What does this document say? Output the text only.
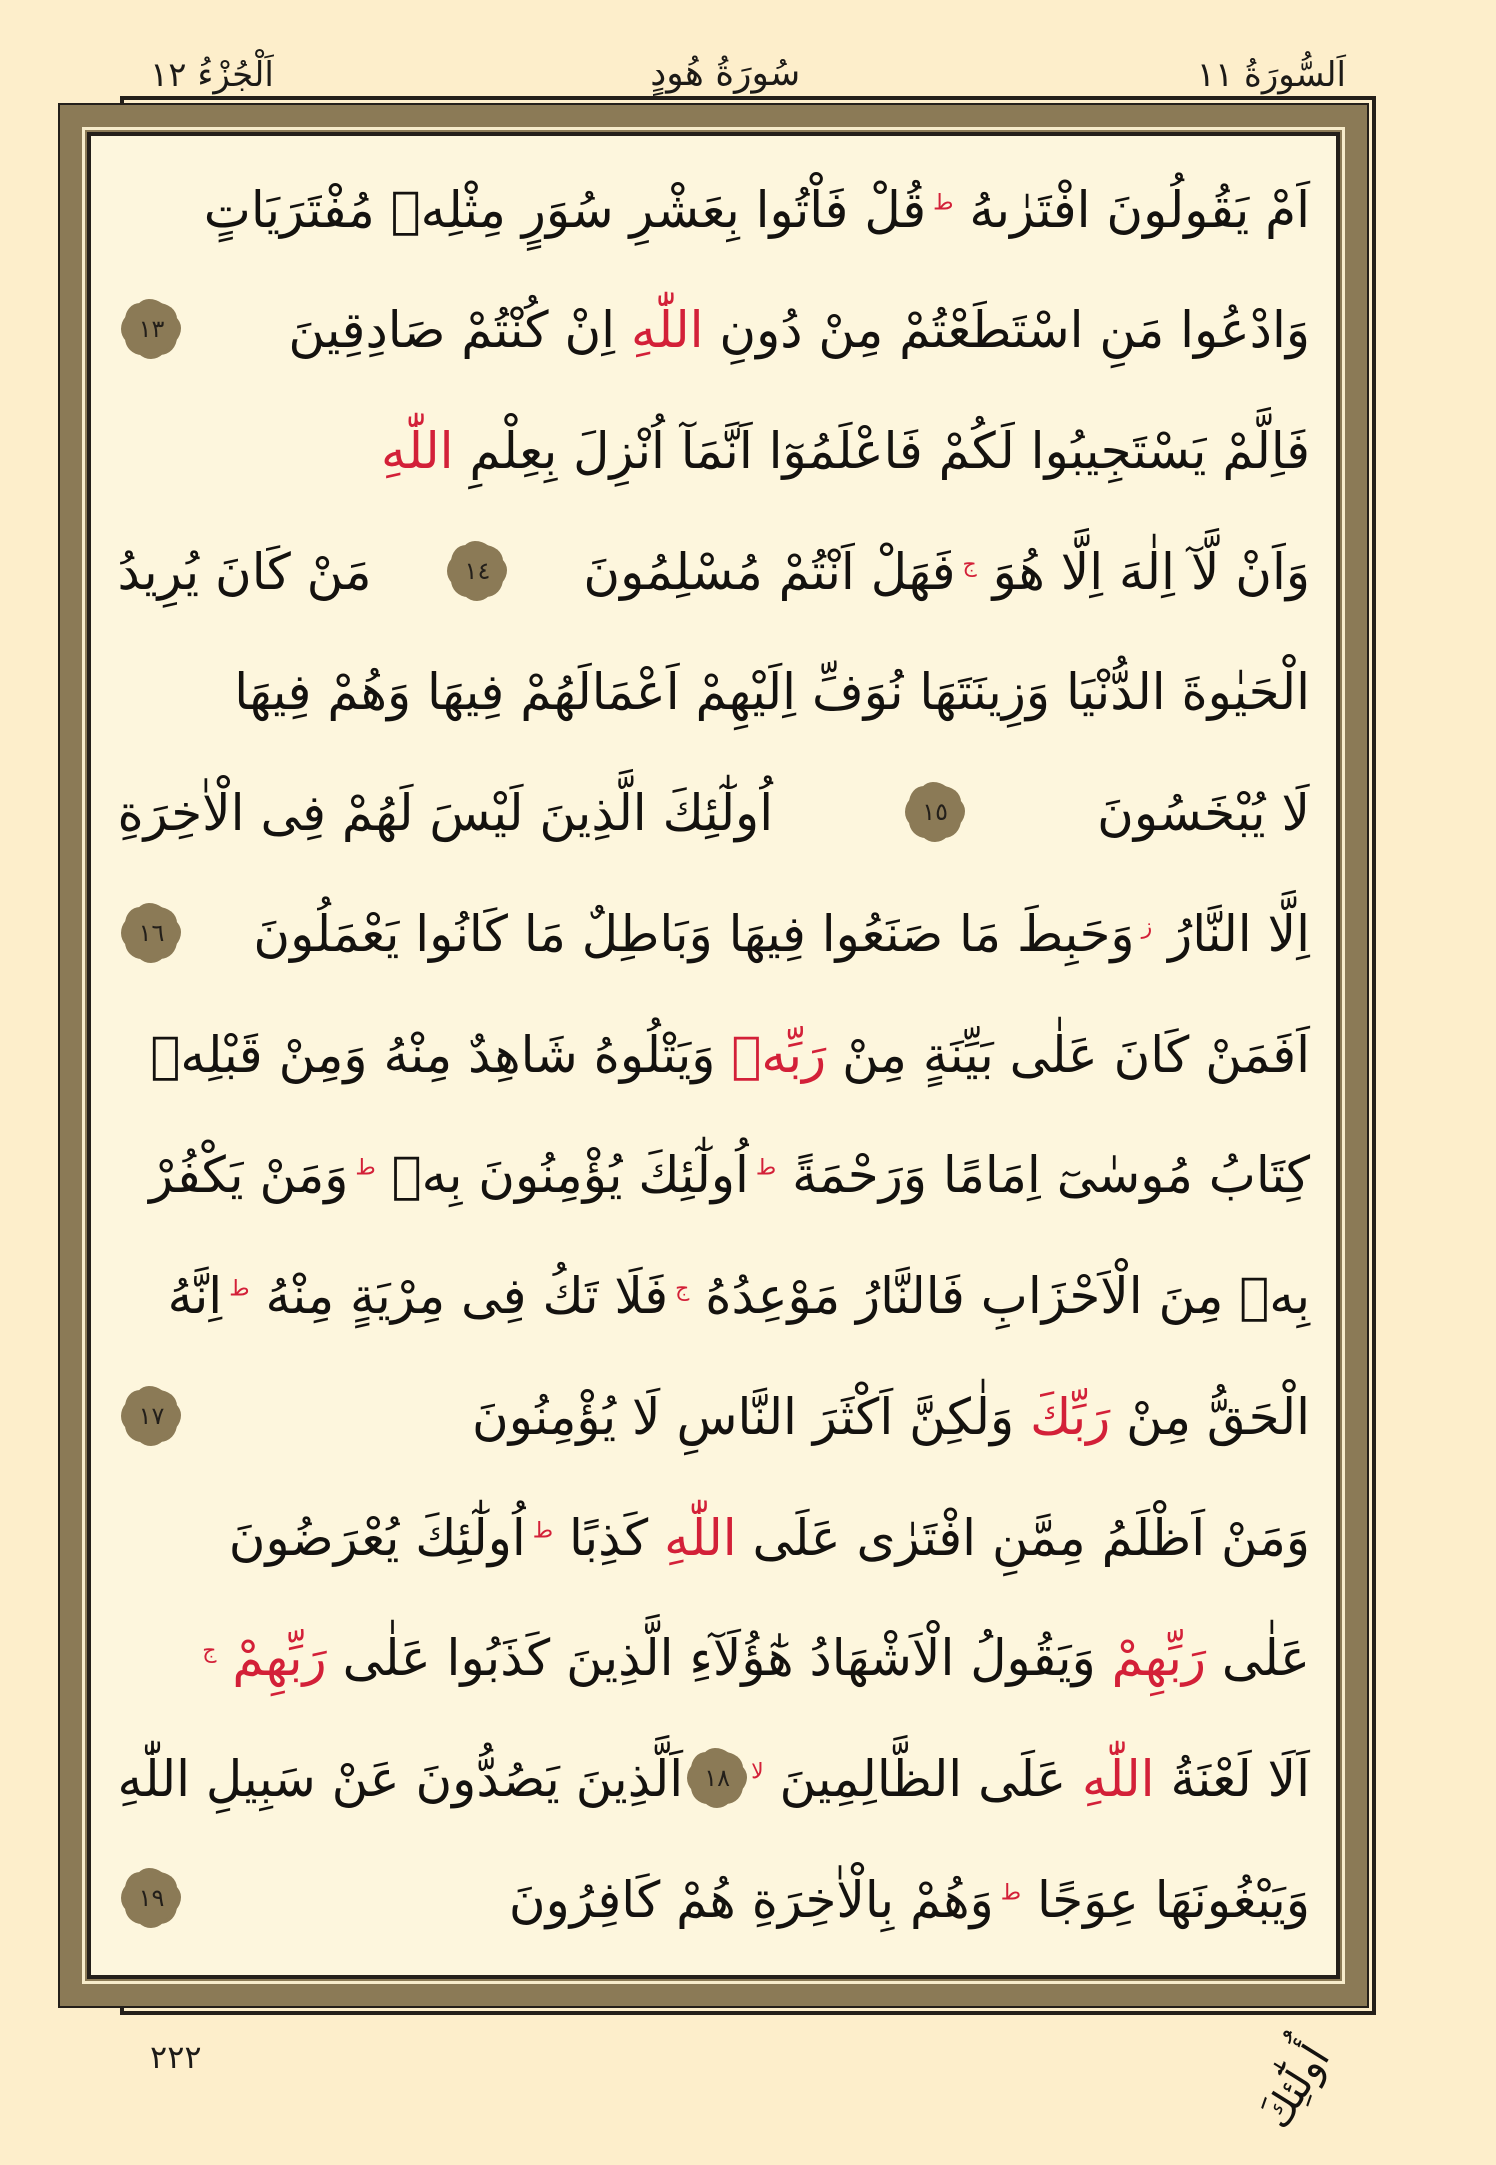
اَلسُّورَةُ ١١
سُورَةُ هُودٍ
اَلْجُزْءُ ١٢
اَمْ يَقُولُونَ افْتَرٰىهُ $^ط$ قُلْ فَاْتُوا بِعَشْرِ سُوَرٍ مِثْلِهٖ مُفْتَرَيَاتٍ
وَادْعُوا مَنِ اسْتَطَعْتُمْ مِنْ دُونِ اللّٰهِ اِنْ كُنْتُمْ صَادِقِينَ
١٣
فَاِلَّمْ يَسْتَجِيبُوا لَكُمْ فَاعْلَمُوٓا اَنَّمَآ اُنْزِلَ بِعِلْمِ اللّٰهِ
وَاَنْ لَّآ اِلٰهَ اِلَّا هُوَ $^ج$ فَهَلْ اَنْتُمْ مُسْلِمُونَ
١٤
مَنْ كَانَ يُرِيدُ
الْحَيٰوةَ الدُّنْيَا وَزِينَتَهَا نُوَفِّ اِلَيْهِمْ اَعْمَالَهُمْ فِيهَا وَهُمْ فِيهَا
لَا يُبْخَسُونَ
١٥
اُولٰٓئِكَ الَّذِينَ لَيْسَ لَهُمْ فِى الْاٰخِرَةِ
اِلَّا النَّارُ $^ز$ وَحَبِطَ مَا صَنَعُوا فِيهَا وَبَاطِلٌ مَا كَانُوا يَعْمَلُونَ
١٦
اَفَمَنْ كَانَ عَلٰى بَيِّنَةٍ مِنْ رَبِّهٖ وَيَتْلُوهُ شَاهِدٌ مِنْهُ وَمِنْ قَبْلِهٖ
كِتَابُ مُوسٰىٓ اِمَامًا وَرَحْمَةً $^ط$ اُولٰٓئِكَ يُؤْمِنُونَ بِهٖ $^ط$ وَمَنْ يَكْفُرْ
بِهٖ مِنَ الْاَحْزَابِ فَالنَّارُ مَوْعِدُهُ $^ج$ فَلَا تَكُ فِى مِرْيَةٍ مِنْهُ $^ط$ اِنَّهُ
الْحَقُّ مِنْ رَبِّكَ وَلٰكِنَّ اَكْثَرَ النَّاسِ لَا يُؤْمِنُونَ
١٧
وَمَنْ اَظْلَمُ مِمَّنِ افْتَرٰى عَلَى اللّٰهِ كَذِبًا $^ط$ اُولٰٓئِكَ يُعْرَضُونَ
عَلٰى رَبِّهِمْ وَيَقُولُ الْاَشْهَادُ هٰٓؤُلَآءِ الَّذِينَ كَذَبُوا عَلٰى رَبِّهِمْ $^ج$
اَلَا لَعْنَةُ اللّٰهِ عَلَى الظَّالِمِينَ $^{لا}$
١٨
اَلَّذِينَ يَصُدُّونَ عَنْ سَبِيلِ اللّٰهِ
وَيَبْغُونَهَا عِوَجًا $^ط$ وَهُمْ بِالْاٰخِرَةِ هُمْ كَافِرُونَ
١٩
أُولَٰٓئِكَ
٢٢٢
